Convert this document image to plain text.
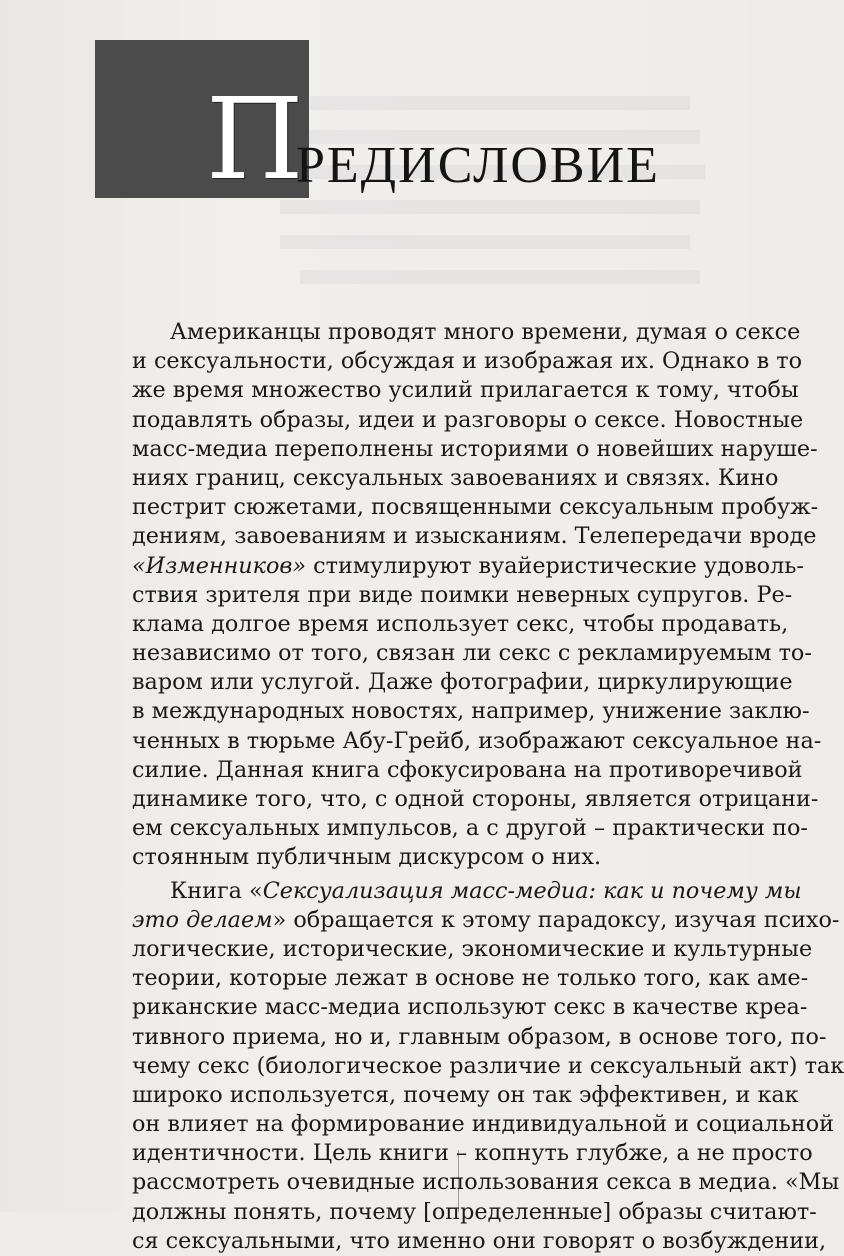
П
РЕДИСЛОВИЕ
Американцы проводят много времени, думая о сексе
и сексуальности, обсуждая и изображая их. Однако в то
же время множество усилий прилагается к тому, чтобы
подавлять образы, идеи и разговоры о сексе. Новостные
масс-медиа переполнены историями о новейших наруше-
ниях границ, сексуальных завоеваниях и связях. Кино
пестрит сюжетами, посвященными сексуальным пробуж-
дениям, завоеваниям и изысканиям. Телепередачи вроде
«Изменников» стимулируют вуайеристические удоволь-
ствия зрителя при виде поимки неверных супругов. Ре-
клама долгое время использует секс, чтобы продавать,
независимо от того, связан ли секс с рекламируемым то-
варом или услугой. Даже фотографии, циркулирующие
в международных новостях, например, унижение заклю-
ченных в тюрьме Абу-Грейб, изображают сексуальное на-
силие. Данная книга сфокусирована на противоречивой
динамике того, что, с одной стороны, является отрицани-
ем сексуальных импульсов, а с другой – практически по-
стоянным публичным дискурсом о них.
Книга «Сексуализация масс-медиа: как и почему мы
это делаем» обращается к этому парадоксу, изучая психо-
логические, исторические, экономические и культурные
теории, которые лежат в основе не только того, как аме-
риканские масс-медиа используют секс в качестве креа-
тивного приема, но и, главным образом, в основе того, по-
чему секс (биологическое различие и сексуальный акт) так
широко используется, почему он так эффективен, и как
он влияет на формирование индивидуальной и социальной
идентичности. Цель книги – копнуть глубже, а не просто
рассмотреть очевидные использования секса в медиа. «Мы
должны понять, почему [определенные] образы считают-
ся сексуальными, что именно они говорят о возбуждении,
